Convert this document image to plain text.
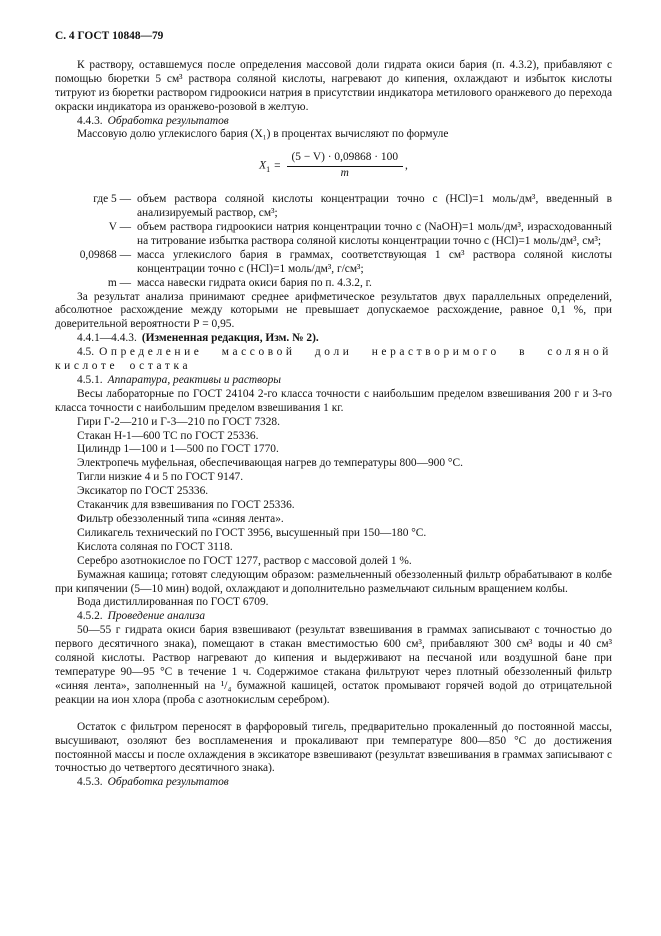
С. 4 ГОСТ 10848—79

К раствору, оставшемуся после определения массовой доли гидрата окиси бария (п. 4.3.2), прибавляют с помощью бюретки 5 см³ раствора соляной кислоты, нагревают до кипения, охлаждают и избыток кислоты титруют из бюретки раствором гидроокиси натрия в присутствии индикатора метилового оранжевого до перехода окраски индикатора из оранжево-розовой в желтую.

4.4.3. Обработка результатов

Массовую долю углекислого бария (X₁) в процентах вычисляют по формуле

$X_1 = \frac{(5 - V) \cdot 0,09868 \cdot 100}{m}$ ,
где 5 — объем раствора соляной кислоты концентрации точно с (HCl)=1 моль/дм³, введенный в анализируемый раствор, см³;
V — объем раствора гидроокиси натрия концентрации точно с (NaOH)=1 моль/дм³, израсходованный на титрование избытка раствора соляной кислоты концентрации точно с (HCl)=1 моль/дм³, см³;
0,09868 — масса углекислого бария в граммах, соответствующая 1 см³ раствора соляной кислоты концентрации точно с (HCl)=1 моль/дм³, г/см³;
m — масса навески гидрата окиси бария по п. 4.3.2, г.

За результат анализа принимают среднее арифметическое результатов двух параллельных определений, абсолютное расхождение между которыми не превышает допускаемое расхождение, равное 0,1 %, при доверительной вероятности Р = 0,95.

4.4.1—4.4.3. (Измененная редакция, Изм. № 2).

4.5. Определение массовой доли нерастворимого в соляной кислоте остатка

4.5.1. Аппаратура, реактивы и растворы

Весы лабораторные по ГОСТ 24104 2-го класса точности с наибольшим пределом взвешивания 200 г и 3-го класса точности с наибольшим пределом взвешивания 1 кг.

Гири Г-2—210 и Г-3—210 по ГОСТ 7328.

Стакан Н-1—600 ТС по ГОСТ 25336.

Цилиндр 1—100 и 1—500 по ГОСТ 1770.

Электропечь муфельная, обеспечивающая нагрев до температуры 800—900 °С.

Тигли низкие 4 и 5 по ГОСТ 9147.

Эксикатор по ГОСТ 25336.

Стаканчик для взвешивания по ГОСТ 25336.

Фильтр обеззоленный типа «синяя лента».

Силикагель технический по ГОСТ 3956, высушенный при 150—180 °С.

Кислота соляная по ГОСТ 3118.

Серебро азотнокислое по ГОСТ 1277, раствор с массовой долей 1 %.

Бумажная кашица; готовят следующим образом: размельченный обеззоленный фильтр обрабатывают в колбе при кипячении (5—10 мин) водой, охлаждают и дополнительно размельчают сильным вращением колбы.

Вода дистиллированная по ГОСТ 6709.

4.5.2. Проведение анализа

50—55 г гидрата окиси бария взвешивают (результат взвешивания в граммах записывают с точностью до первого десятичного знака), помещают в стакан вместимостью 600 см³, прибавляют 300 см³ воды и 40 см³ соляной кислоты. Раствор нагревают до кипения и выдерживают на песчаной или воздушной бане при температуре 90—95 °С в течение 1 ч. Содержимое стакана фильтруют через плотный обеззоленный фильтр «синяя лента», заполненный на ¹/₄ бумажной кашицей, остаток промывают горячей водой до отрицательной реакции на ион хлора (проба с азотнокислым серебром).

Остаток с фильтром переносят в фарфоровый тигель, предварительно прокаленный до постоянной массы, высушивают, озоляют без воспламенения и прокаливают при температуре 800—850 °С до достижения постоянной массы и после охлаждения в эксикаторе взвешивают (результат взвешивания в граммах записывают с точностью до четвертого десятичного знака).

4.5.3. Обработка результатов
